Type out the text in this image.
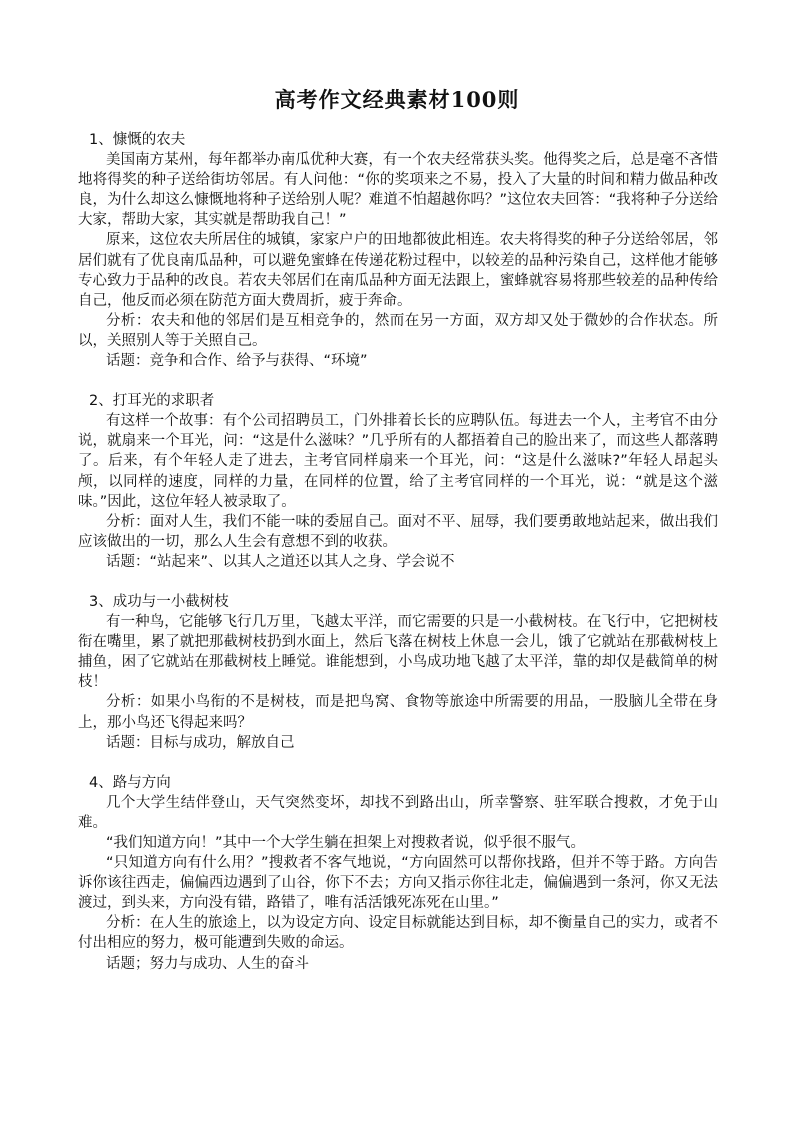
高考作文经典素材100则
1、慷慨的农夫
美国南方某州，每年都举办南瓜优种大赛，有一个农夫经常获头奖。他得奖之后，总是毫不吝惜地将得奖的种子送给街坊邻居。有人问他：“你的奖项来之不易，投入了大量的时间和精力做品种改良，为什么却这么慷慨地将种子送给别人呢？难道不怕超越你吗？”这位农夫回答：“我将种子分送给大家，帮助大家，其实就是帮助我自己！”
原来，这位农夫所居住的城镇，家家户户的田地都彼此相连。农夫将得奖的种子分送给邻居，邻居们就有了优良南瓜品种，可以避免蜜蜂在传递花粉过程中，以较差的品种污染自己，这样他才能够专心致力于品种的改良。若农夫邻居们在南瓜品种方面无法跟上，蜜蜂就容易将那些较差的品种传给自己，他反而必须在防范方面大费周折，疲于奔命。
分析：农夫和他的邻居们是互相竞争的，然而在另一方面，双方却又处于微妙的合作状态。所以，关照别人等于关照自己。
话题：竞争和合作、给予与获得、“环境”
2、打耳光的求职者
有这样一个故事：有个公司招聘员工，门外排着长长的应聘队伍。每进去一个人，主考官不由分说，就扇来一个耳光，问：“这是什么滋味？”几乎所有的人都捂着自己的脸出来了，而这些人都落聘了。后来，有个年轻人走了进去，主考官同样扇来一个耳光，问：“这是什么滋味?”年轻人昂起头颅，以同样的速度，同样的力量，在同样的位置，给了主考官同样的一个耳光，说：“就是这个滋味。”因此，这位年轻人被录取了。
分析：面对人生，我们不能一味的委屈自己。面对不平、屈辱，我们要勇敢地站起来，做出我们应该做出的一切，那么人生会有意想不到的收获。
话题：“站起来”、以其人之道还以其人之身、学会说不
3、成功与一小截树枝
有一种鸟，它能够飞行几万里，飞越太平洋，而它需要的只是一小截树枝。在飞行中，它把树枝衔在嘴里，累了就把那截树枝扔到水面上，然后飞落在树枝上休息一会儿，饿了它就站在那截树枝上捕鱼，困了它就站在那截树枝上睡觉。谁能想到，小鸟成功地飞越了太平洋，靠的却仅是截简单的树枝！
分析：如果小鸟衔的不是树枝，而是把鸟窝、食物等旅途中所需要的用品，一股脑儿全带在身上，那小鸟还飞得起来吗？
话题：目标与成功，解放自己
4、路与方向
几个大学生结伴登山，天气突然变坏，却找不到路出山，所幸警察、驻军联合搜救，才免于山难。
“我们知道方向！”其中一个大学生躺在担架上对搜救者说，似乎很不服气。
“只知道方向有什么用？”搜救者不客气地说，“方向固然可以帮你找路，但并不等于路。方向告诉你该往西走，偏偏西边遇到了山谷，你下不去；方向又指示你往北走，偏偏遇到一条河，你又无法渡过，到头来，方向没有错，路错了，唯有活活饿死冻死在山里。”
分析：在人生的旅途上，以为设定方向、设定目标就能达到目标，却不衡量自己的实力，或者不付出相应的努力，极可能遭到失败的命运。
话题；努力与成功、人生的奋斗
